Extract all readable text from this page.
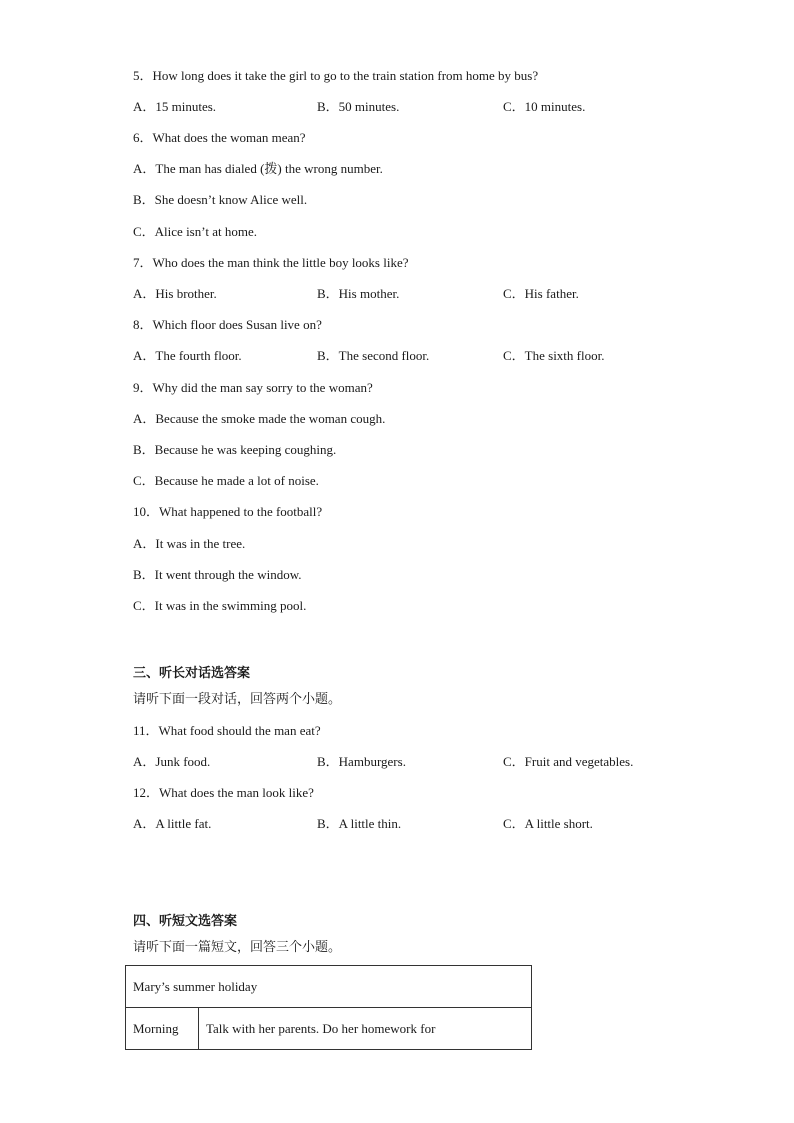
5．How long does it take the girl to go to the train station from home by bus?
A．15 minutes.	B．50 minutes.	C．10 minutes.
6．What does the woman mean?
A．The man has dialed (拨) the wrong number.
B．She doesn’t know Alice well.
C．Alice isn’t at home.
7．Who does the man think the little boy looks like?
A．His brother.	B．His mother.	C．His father.
8．Which floor does Susan live on?
A．The fourth floor.	B．The second floor.	C．The sixth floor.
9．Why did the man say sorry to the woman?
A．Because the smoke made the woman cough.
B．Because he was keeping coughing.
C．Because he made a lot of noise.
10．What happened to the football?
A．It was in the tree.
B．It went through the window.
C．It was in the swimming pool.
三、听长对话选答案
请听下面一段对话，回答两个小题。
11．What food should the man eat?
A．Junk food.	B．Hamburgers.	C．Fruit and vegetables.
12．What does the man look like?
A．A little fat.	B．A little thin.	C．A little short.
四、听短文选答案
请听下面一篇短文，回答三个小题。
Mary’s summer holiday
Morning	Talk with her parents. Do her homework for
